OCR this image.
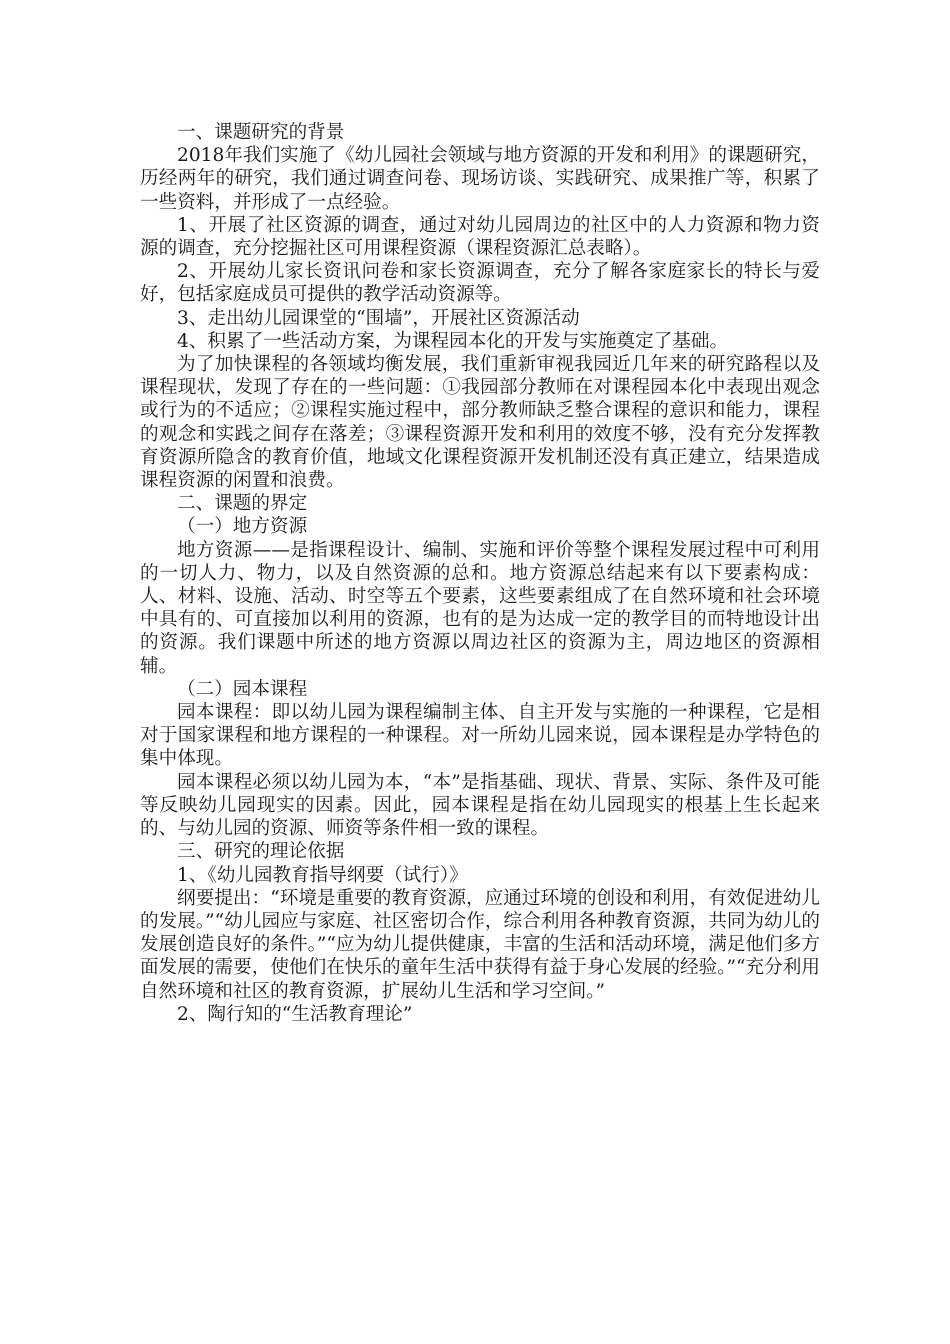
一、课题研究的背景

2018年我们实施了《幼儿园社会领域与地方资源的开发和利用》的课题研究，历经两年的研究，我们通过调查问卷、现场访谈、实践研究、成果推广等，积累了一些资料，并形成了一点经验。

1、开展了社区资源的调查，通过对幼儿园周边的社区中的人力资源和物力资源的调查，充分挖掘社区可用课程资源（课程资源汇总表略）。

2、开展幼儿家长资讯问卷和家长资源调查，充分了解各家庭家长的特长与爱好，包括家庭成员可提供的教学活动资源等。

3、走出幼儿园课堂的“围墙”，开展社区资源活动

4、积累了一些活动方案，为课程园本化的开发与实施奠定了基础。

为了加快课程的各领域均衡发展，我们重新审视我园近几年来的研究路程以及课程现状，发现了存在的一些问题：①我园部分教师在对课程园本化中表现出观念或行为的不适应；②课程实施过程中，部分教师缺乏整合课程的意识和能力，课程的观念和实践之间存在落差；③课程资源开发和利用的效度不够，没有充分发挥教育资源所隐含的教育价值，地域文化课程资源开发机制还没有真正建立，结果造成课程资源的闲置和浪费。

二、课题的界定

（一）地方资源

地方资源——是指课程设计、编制、实施和评价等整个课程发展过程中可利用的一切人力、物力，以及自然资源的总和。地方资源总结起来有以下要素构成：人、材料、设施、活动、时空等五个要素，这些要素组成了在自然环境和社会环境中具有的、可直接加以利用的资源，也有的是为达成一定的教学目的而特地设计出的资源。我们课题中所述的地方资源以周边社区的资源为主，周边地区的资源相辅。

（二）园本课程

园本课程：即以幼儿园为课程编制主体、自主开发与实施的一种课程，它是相对于国家课程和地方课程的一种课程。对一所幼儿园来说，园本课程是办学特色的集中体现。

园本课程必须以幼儿园为本，“本”是指基础、现状、背景、实际、条件及可能等反映幼儿园现实的因素。因此，园本课程是指在幼儿园现实的根基上生长起来的、与幼儿园的资源、师资等条件相一致的课程。

三、研究的理论依据

1、《幼儿园教育指导纲要（试行）》

纲要提出：“环境是重要的教育资源，应通过环境的创设和利用，有效促进幼儿的发展。”“幼儿园应与家庭、社区密切合作，综合利用各种教育资源，共同为幼儿的发展创造良好的条件。”“应为幼儿提供健康，丰富的生活和活动环境，满足他们多方面发展的需要，使他们在快乐的童年生活中获得有益于身心发展的经验。”“充分利用自然环境和社区的教育资源，扩展幼儿生活和学习空间。”

2、陶行知的“生活教育理论”
